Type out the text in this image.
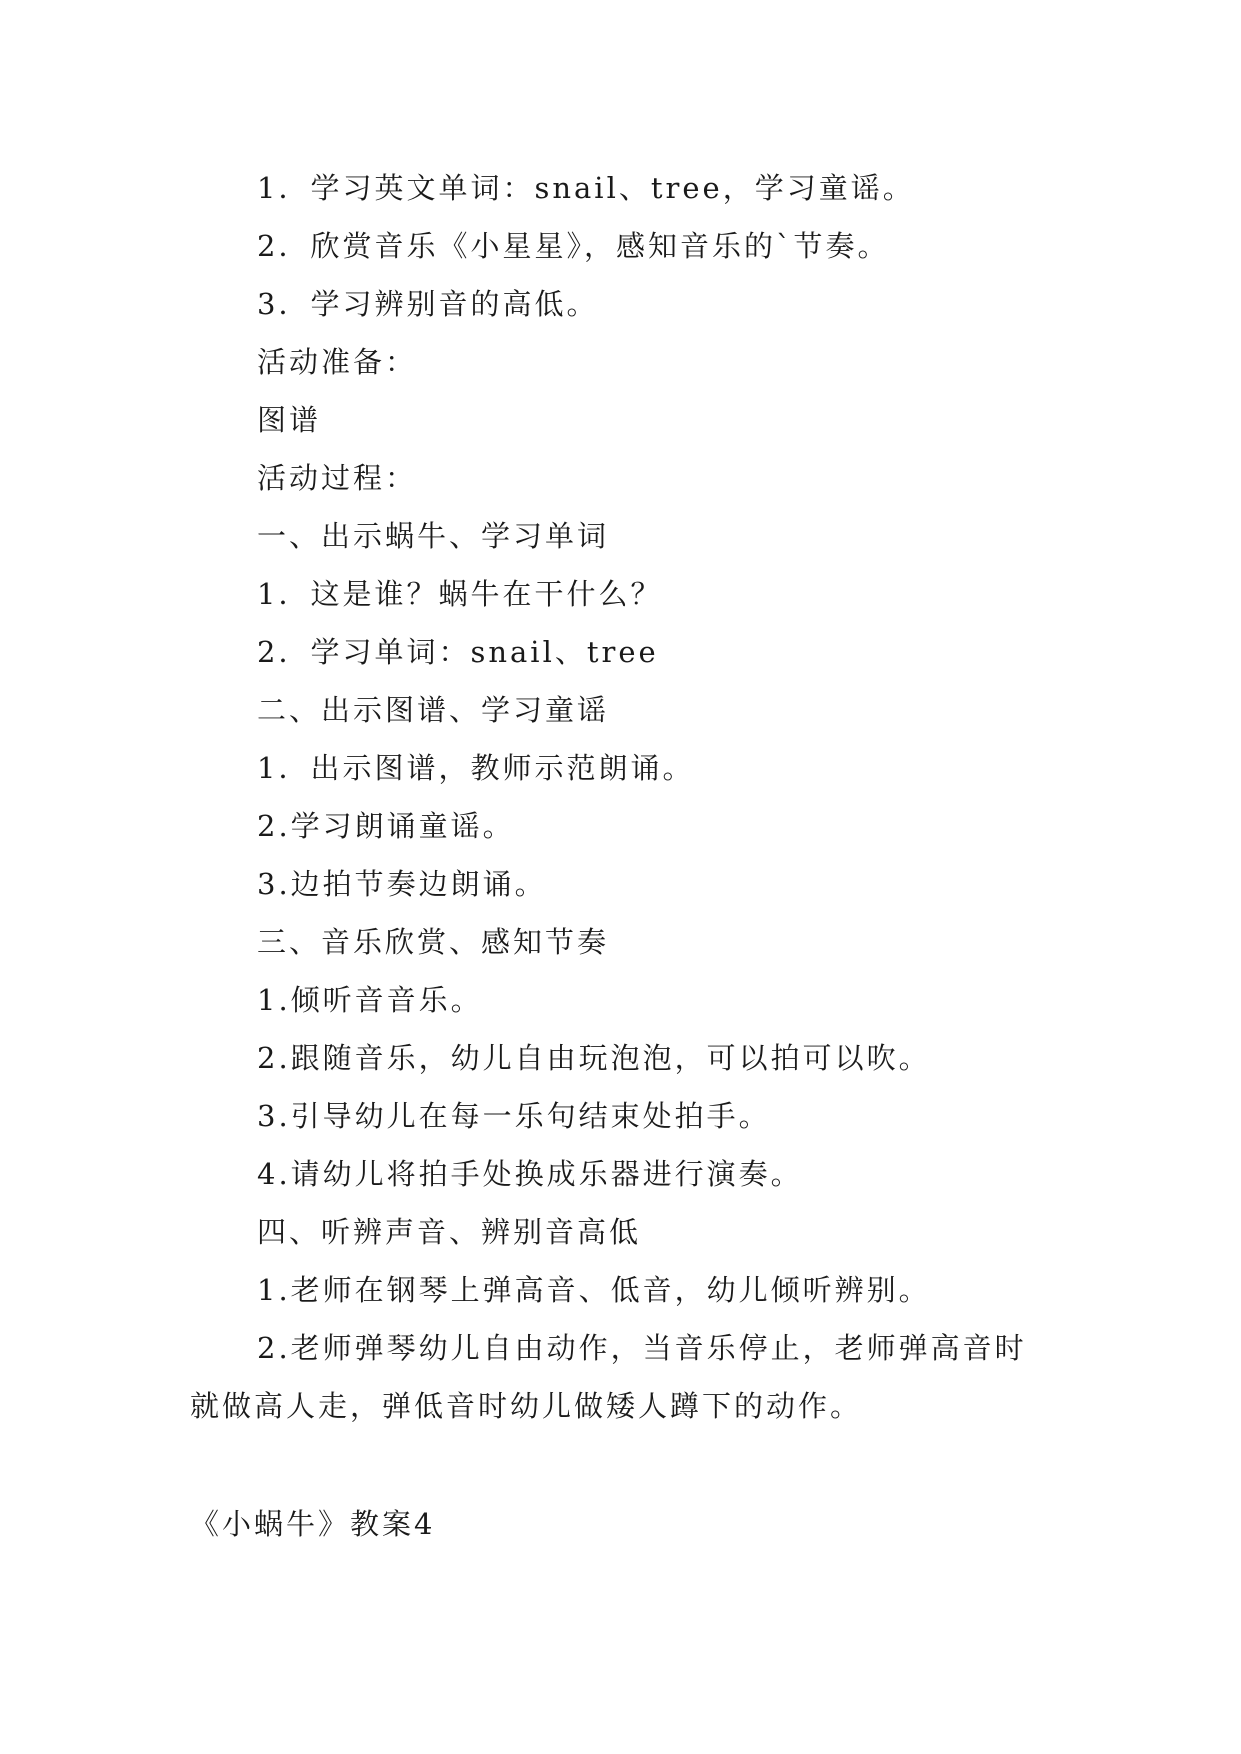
1．学习英文单词：snail、tree，学习童谣。
2．欣赏音乐《小星星》，感知音乐的`节奏。
3．学习辨别音的高低。
活动准备：
图谱
活动过程：
一、出示蜗牛、学习单词
1．这是谁？蜗牛在干什么？
2．学习单词：snail、tree
二、出示图谱、学习童谣
1．出示图谱，教师示范朗诵。
2.学习朗诵童谣。
3.边拍节奏边朗诵。
三、音乐欣赏、感知节奏
1.倾听音音乐。
2.跟随音乐，幼儿自由玩泡泡，可以拍可以吹。
3.引导幼儿在每一乐句结束处拍手。
4.请幼儿将拍手处换成乐器进行演奏。
四、听辨声音、辨别音高低
1.老师在钢琴上弹高音、低音，幼儿倾听辨别。
2.老师弹琴幼儿自由动作，当音乐停止，老师弹高音时
就做高人走，弹低音时幼儿做矮人蹲下的动作。
《小蜗牛》教案4
